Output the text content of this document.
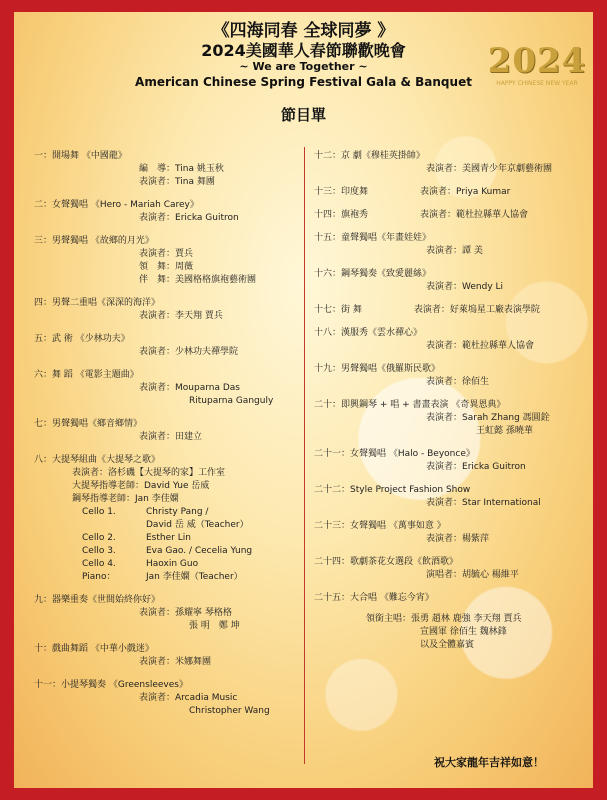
《四海同春 全球同夢 》
2024美國華人春節聯歡晚會
~ We are Together ~
American Chinese Spring Festival Gala & Banquet
節目單
2024
HAPPY CHINESE NEW YEAR
一：開場舞 《中國龍》
編　導：Tina 姚玉秋
表演者：Tina 舞團
二：女聲獨唱 《Hero - Mariah Carey》
表演者：Ericka Guitron
三：男聲獨唱 《故鄉的月光》
表演者：賈兵
領　舞：周薇
伴　舞：美國格格旗袍藝術團
四：男聲二重唱《深深的海洋》
表演者：李天翔 賈兵
五：武 術 《少林功夫》
表演者：少林功夫禪學院
六：舞 蹈 《電影主題曲》
表演者：Mouparna Das
Rituparna Ganguly
七：男聲獨唱《鄉音鄉情》
表演者：田建立
八：大提琴組曲《大提琴之歌》
表演者：洛杉磯【大提琴的家】工作室
大提琴指導老師：David Yue 岳威
鋼琴指導老師：Jan 李佳嫻
Cello 1.	Christy Pang /
David 岳 威（Teacher）
Cello 2.	Esther Lin
Cello 3.	Eva Gao. / Cecelia Yung
Cello 4.	Haoxin Guo
Piano：	Jan 李佳嫻（Teacher）
九：器樂重奏《世間始終你好》
表演者：孫耀寧 琴格格
張 明　鄭 坤
十：戲曲舞蹈 《中華小戲迷》
表演者：米娜舞團
十一：小提琴獨奏 《Greensleeves》
表演者：Arcadia Music
Christopher Wang
十二：京 劇《穆桂英掛帥》
表演者：美國青少年京劇藝術團
十三：印度舞	表演者：Priya Kumar
十四：旗袍秀	表演者：範杜拉縣華人協會
十五：童聲獨唱《年畫娃娃》
表演者：譚 美
十六：鋼琴獨奏《致愛麗絲》
表演者：Wendy Li
十七：街 舞	表演者：好萊塢星工廠表演學院
十八：漢服秀《雲水禪心》
表演者：範杜拉縣華人協會
十九：男聲獨唱《俄羅斯民歌》
表演者：徐佰生
二十：即興鋼琴 + 唱 + 書畫表演 《奇異恩典》
表演者：Sarah Zhang 馮圓銓
王虹懿 孫曉華
二十一：女聲獨唱 《Halo - Beyonce》
表演者：Ericka Guitron
二十二：Style Project Fashion Show
表演者：Star International
二十三：女聲獨唱 《萬事如意 》
表演者：楊紫萍
二十四：歌劇茶花女選段《飲酒歌》
演唱者：胡毓心 楊維平
二十五：大合唱 《難忘今宵》
領銜主唱：張勇 趙林 鹿強 李天翔 賈兵
宣國軍 徐佰生 魏林鋒
以及全體嘉賓
祝大家龍年吉祥如意！
